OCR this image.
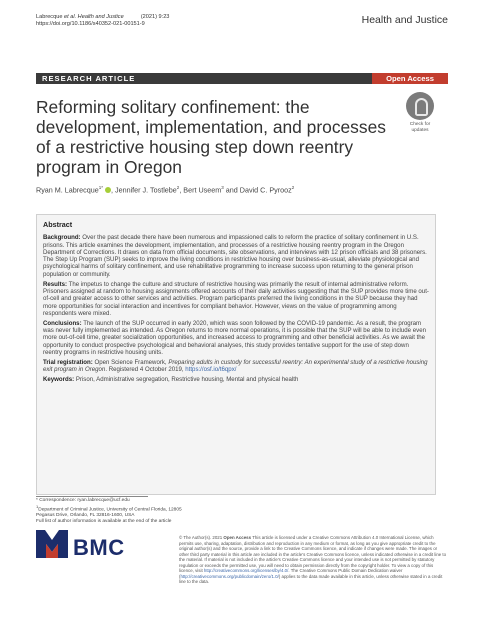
Labrecque et al. Health and Justice	(2021) 9:23
https://doi.org/10.1186/s40352-021-00151-9	Health and Justice
RESEARCH ARTICLE	Open Access
Reforming solitary confinement: the development, implementation, and processes of a restrictive housing step down reentry program in Oregon
Check for updates
Ryan M. Labrecque$^{1*}$ , Jennifer J. Tostlebe$^2$, Bert Useem$^3$ and David C. Pyrooz$^2$
Abstract

Background: Over the past decade there have been numerous and impassioned calls to reform the practice of solitary confinement in U.S. prisons. This article examines the development, implementation, and processes of a restrictive housing reentry program in the Oregon Department of Corrections. It draws on data from official documents, site observations, and interviews with 12 prison officials and 38 prisoners. The Step Up Program (SUP) seeks to improve the living conditions in restrictive housing over business-as-usual, alleviate physiological and psychological harms of solitary confinement, and use rehabilitative programming to increase success upon returning to the general prison population or community.

Results: The impetus to change the culture and structure of restrictive housing was primarily the result of internal administrative reform. Prisoners assigned at random to housing assignments offered accounts of their daily activities suggesting that the SUP provides more time out-of-cell and greater access to other services and activities. Program participants preferred the living conditions in the SUP because they had more opportunities for social interaction and incentives for compliant behavior. However, views on the value of programming among respondents were mixed.

Conclusions: The launch of the SUP occurred in early 2020, which was soon followed by the COVID-19 pandemic. As a result, the program was never fully implemented as intended. As Oregon returns to more normal operations, it is possible that the SUP will be able to include even more out-of-cell time, greater socialization opportunities, and increased access to programming and other beneficial activities. As we await the opportunity to conduct prospective psychological and behavioral analyses, this study provides tentative support for the use of step down reentry programs in restrictive housing units.

Trial registration: Open Science Framework, Preparing adults in custody for successful reentry: An experimental study of a restrictive housing exit program in Oregon. Registered 4 October 2019, https://osf.io/t6qpx/

Keywords: Prison, Administrative segregation, Restrictive housing, Mental and physical health

* Correspondence: ryan.labrecque@ucf.edu
$^1$Department of Criminal Justice, University of Central Florida, 12805 Pegasus Drive, Orlando, FL 32816-1600, USA
Full list of author information is available at the end of the article
BMC	© The Author(s). 2021 Open Access This article is licensed under a Creative Commons Attribution 4.0 International License, which permits use, sharing, adaptation, distribution and reproduction in any medium or format, as long as you give appropriate credit to the original author(s) and the source, provide a link to the Creative Commons licence, and indicate if changes were made. The images or other third party material in this article are included in the article's Creative Commons licence, unless indicated otherwise in a credit line to the material. If material is not included in the article's Creative Commons licence and your intended use is not permitted by statutory regulation or exceeds the permitted use, you will need to obtain permission directly from the copyright holder. To view a copy of this licence, visit http://creativecommons.org/licenses/by/4.0/. The Creative Commons Public Domain Dedication waiver (http://creativecommons.org/publicdomain/zero/1.0/) applies to the data made available in this article, unless otherwise stated in a credit line to the data.
